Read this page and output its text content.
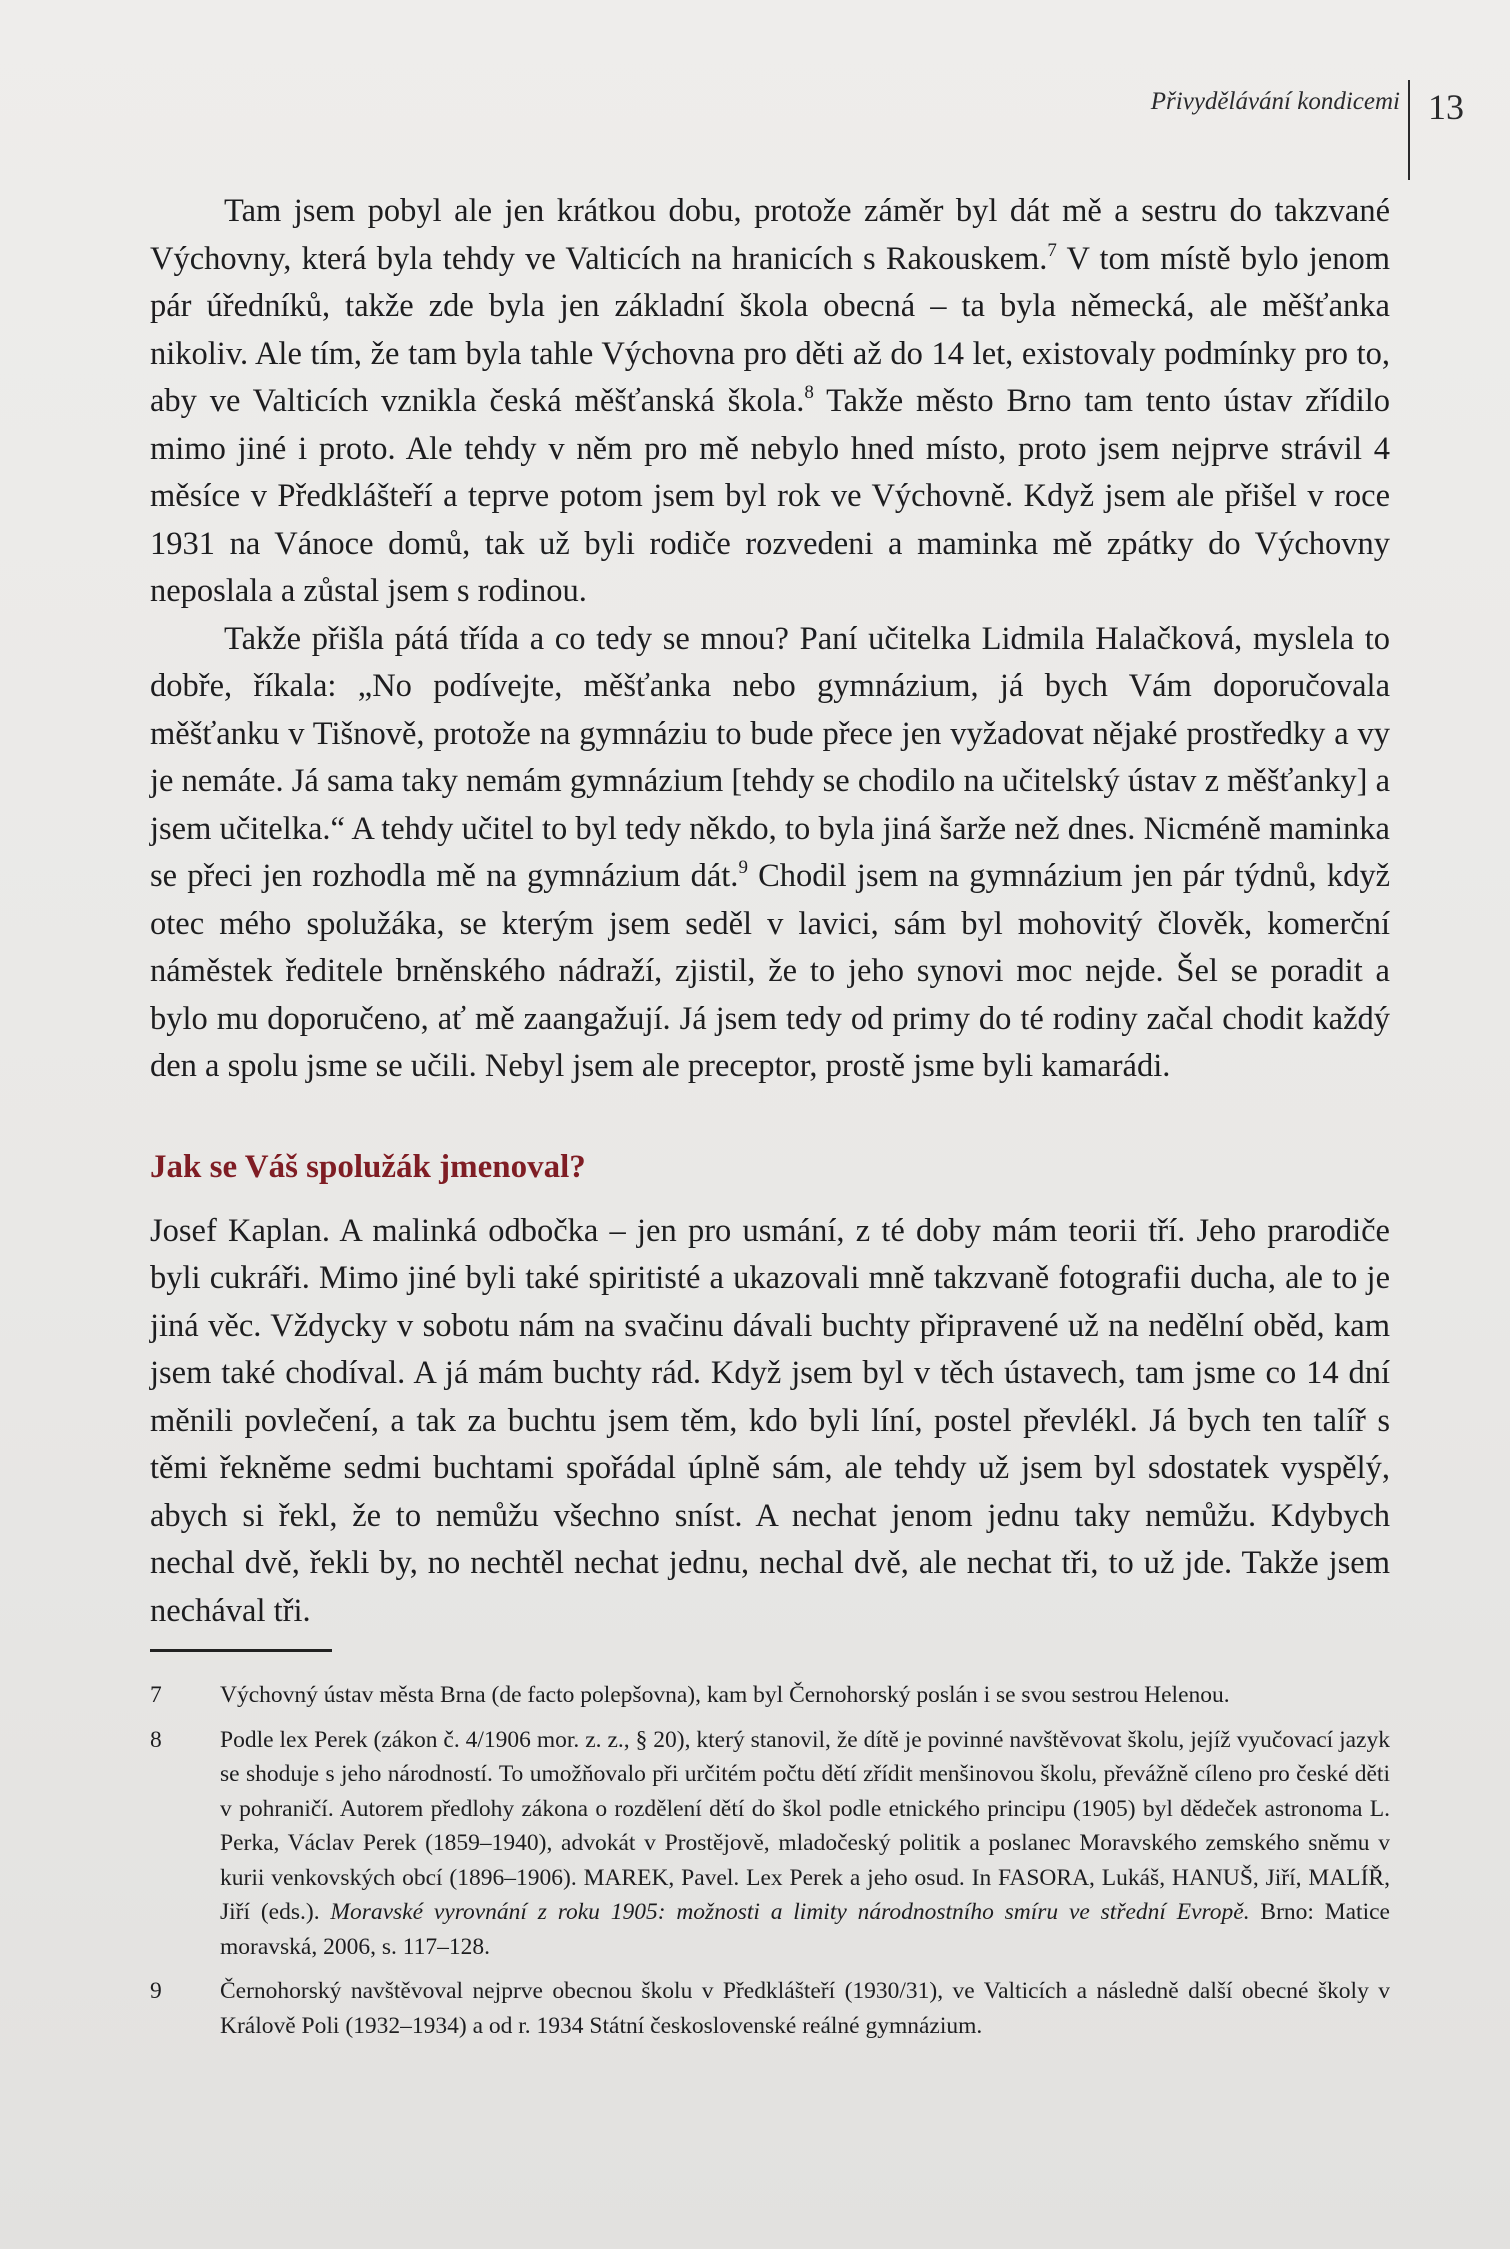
Přivydělávání kondicemi 13

Tam jsem pobyl ale jen krátkou dobu, protože záměr byl dát mě a sestru do takzvané Výchovny, která byla tehdy ve Valticích na hranicích s Rakouskem.$^7$ V tom místě bylo jenom pár úředníků, takže zde byla jen základní škola obecná – ta byla německá, ale měšťanka nikoliv. Ale tím, že tam byla tahle Výchovna pro děti až do 14 let, existovaly podmínky pro to, aby ve Valticích vznikla česká měšťanská škola.$^8$ Takže město Brno tam tento ústav zřídilo mimo jiné i proto. Ale tehdy v něm pro mě nebylo hned místo, proto jsem nejprve strávil 4 měsíce v Předklášteří a teprve potom jsem byl rok ve Výchovně. Když jsem ale přišel v roce 1931 na Vánoce domů, tak už byli rodiče rozvedeni a maminka mě zpátky do Výchovny neposlala a zůstal jsem s rodinou.

Takže přišla pátá třída a co tedy se mnou? Paní učitelka Lidmila Halačková, myslela to dobře, říkala: „No podívejte, měšťanka nebo gymnázium, já bych Vám doporučovala měšťanku v Tišnově, protože na gymnáziu to bude přece jen vyžadovat nějaké prostředky a vy je nemáte. Já sama taky nemám gymnázium [tehdy se chodilo na učitelský ústav z měšťanky] a jsem učitelka.“ A tehdy učitel to byl tedy někdo, to byla jiná šarže než dnes. Nicméně maminka se přeci jen rozhodla mě na gymnázium dát.$^9$ Chodil jsem na gymnázium jen pár týdnů, když otec mého spolužáka, se kterým jsem seděl v lavici, sám byl mohovitý člověk, komerční náměstek ředitele brněnského nádraží, zjistil, že to jeho synovi moc nejde. Šel se poradit a bylo mu doporučeno, ať mě zaangažují. Já jsem tedy od primy do té rodiny začal chodit každý den a spolu jsme se učili. Nebyl jsem ale preceptor, prostě jsme byli kamarádi.

Jak se Váš spolužák jmenoval?

Josef Kaplan. A malinká odbočka – jen pro usmání, z té doby mám teorii tří. Jeho prarodiče byli cukráři. Mimo jiné byli také spiritisté a ukazovali mně takzvaně fotografii ducha, ale to je jiná věc. Vždycky v sobotu nám na svačinu dávali buchty připravené už na nedělní oběd, kam jsem také chodíval. A já mám buchty rád. Když jsem byl v těch ústavech, tam jsme co 14 dní měnili povlečení, a tak za buchtu jsem těm, kdo byli líní, postel převlékl. Já bych ten talíř s těmi řekněme sedmi buchtami spořádal úplně sám, ale tehdy už jsem byl sdostatek vyspělý, abych si řekl, že to nemůžu všechno sníst. A nechat jenom jednu taky nemůžu. Kdybych nechal dvě, řekli by, no nechtěl nechat jednu, nechal dvě, ale nechat tři, to už jde. Takže jsem nechával tři.

7	Výchovný ústav města Brna (de facto polepšovna), kam byl Černohorský poslán i se svou sestrou Helenou.
8	Podle lex Perek (zákon č. 4/1906 mor. z. z., § 20), který stanovil, že dítě je povinné navštěvovat školu, jejíž vyučovací jazyk se shoduje s jeho národností. To umožňovalo při určitém počtu dětí zřídit menšinovou školu, převážně cíleno pro české děti v pohraničí. Autorem předlohy zákona o rozdělení dětí do škol podle etnického principu (1905) byl dědeček astronoma L. Perka, Václav Perek (1859–1940), advokát v Prostějově, mladočeský politik a poslanec Moravského zemského sněmu v kurii venkovských obcí (1896–1906). MAREK, Pavel. Lex Perek a jeho osud. In FASORA, Lukáš, HANUŠ, Jiří, MALÍŘ, Jiří (eds.). Moravské vyrovnání z roku 1905: možnosti a limity národnostního smíru ve střední Evropě. Brno: Matice moravská, 2006, s. 117–128.
9	Černohorský navštěvoval nejprve obecnou školu v Předklášteří (1930/31), ve Valticích a následně další obecné školy v Králově Poli (1932–1934) a od r. 1934 Státní československé reálné gymnázium.
